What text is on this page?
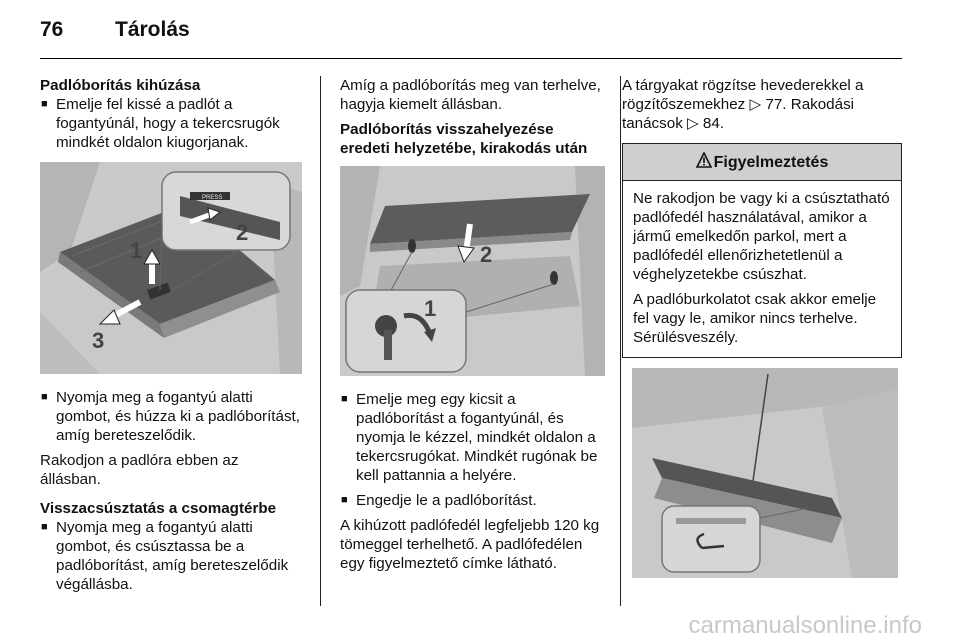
76 Tárolás

Padlóborítás kihúzása

■ Emelje fel kissé a padlót a fogantyúnál, hogy a tekercsrugók mindkét oldalon kiugorjanak.

PRESS
1
2
3

■ Nyomja meg a fogantyú alatti gombot, és húzza ki a padlóborítást, amíg bereteszelődik.

Rakodjon a padlóra ebben az állásban.

Visszacsúsztatás a csomagtérbe

■ Nyomja meg a fogantyú alatti gombot, és csúsztassa be a padlóborítást, amíg bereteszelődik végállásba.

Amíg a padlóborítás meg van terhelve, hagyja kiemelt állásban.

Padlóborítás visszahelyezése eredeti helyzetébe, kirakodás után

2
1

■ Emelje meg egy kicsit a padlóborítást a fogantyúnál, és nyomja le kézzel, mindkét oldalon a tekercsrugókat. Mindkét rugónak be kell pattannia a helyére.

■ Engedje le a padlóborítást.

A kihúzott padlófedél legfeljebb 120 kg tömeggel terhelhető. A padlófedélen egy figyelmeztető címke látható.

A tárgyakat rögzítse hevederekkel a rögzítőszemekhez ▷ 77. Rakodási tanácsok ▷ 84.

Figyelmeztetés

Ne rakodjon be vagy ki a csúsztatható padlófedél használatával, amikor a jármű emelkedőn parkol, mert a padlófedél ellenőrizhetetlenül a véghelyzetekbe csúszhat.

A padlóburkolatot csak akkor emelje fel vagy le, amikor nincs terhelve. Sérülésveszély.

carmanualsonline.info
